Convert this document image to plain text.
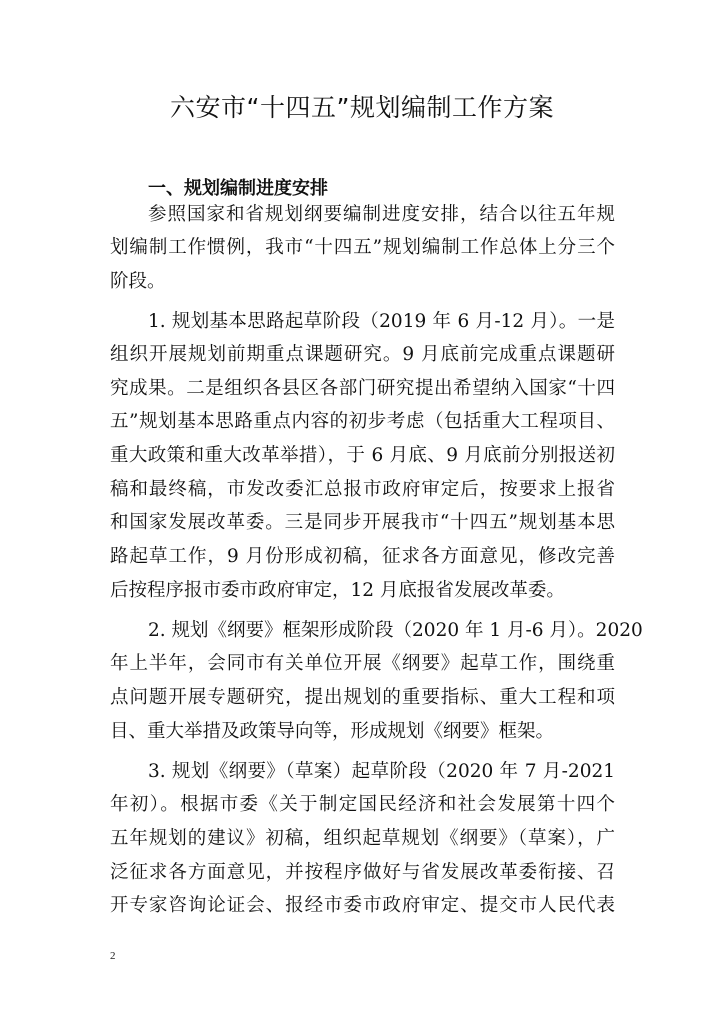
六安市“十四五”规划编制工作方案
一、规划编制进度安排
参照国家和省规划纲要编制进度安排，结合以往五年规
划编制工作惯例，我市“十四五”规划编制工作总体上分三个
阶段。
1. 规划基本思路起草阶段（2019 年 6 月-12 月）。一是
组织开展规划前期重点课题研究。9 月底前完成重点课题研
究成果。二是组织各县区各部门研究提出希望纳入国家“十四
五”规划基本思路重点内容的初步考虑（包括重大工程项目、
重大政策和重大改革举措），于 6 月底、9 月底前分别报送初
稿和最终稿，市发改委汇总报市政府审定后，按要求上报省
和国家发展改革委。三是同步开展我市“十四五”规划基本思
路起草工作，9 月份形成初稿，征求各方面意见，修改完善
后按程序报市委市政府审定，12 月底报省发展改革委。
2. 规划《纲要》框架形成阶段（2020 年 1 月-6 月）。2020
年上半年，会同市有关单位开展《纲要》起草工作，围绕重
点问题开展专题研究，提出规划的重要指标、重大工程和项
目、重大举措及政策导向等，形成规划《纲要》框架。
3. 规划《纲要》（草案）起草阶段（2020 年 7 月-2021
年初）。根据市委《关于制定国民经济和社会发展第十四个
五年规划的建议》初稿，组织起草规划《纲要》（草案），广
泛征求各方面意见，并按程序做好与省发展改革委衔接、召
开专家咨询论证会、报经市委市政府审定、提交市人民代表
2
